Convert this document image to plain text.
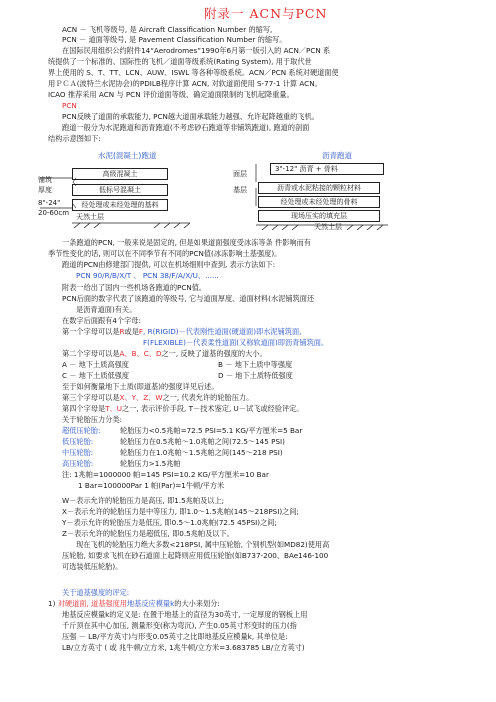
附录一 ACN与PCN
ACN － 飞机等级号, 是 Aircraft Classification Number 的缩写,
PCN － 道面等级号, 是 Pavement Classification Number 的缩写。
在国际民用组织公约附件14“Aerodromes”1990年6月第一版引入的 ACN／PCN 系
统提供了一个标准的、国际性的飞机／道面等级系统(Rating System), 用于取代世
界上使用的 S、T、TT、LCN、AUW、ISWL 等各种等级系统。ACN／PCN 系统对硬道面使
用ＰＣＡ(波特兰水泥协会)的PDILB程序计算 ACN, 对软道面使用 S-77-1 计算 ACN。
ICAO 推荐采用 ACN 与 PCN 评价道面等级、确定道面限制的飞机起降重量。
PCN
PCN反映了道面的承载能力, PCN越大道面承载能力越强、允许起降越重的飞机。
跑道一般分为水泥跑道和沥青跑道(不考虑砂石跑道等非铺筑跑道), 跑道的剖面
结构示意图如下:
水泥(混凝土)跑道	沥青跑道
铺筑
厚度
8"-24"
20-60cm
高级混凝土
低标号混凝土
经处理或未经处理的基料
天然土层
3"-12" 沥青 + 骨料
面层
基层	沥青或水泥粘接的颗粒材料
经处理或未经处理的骨料
现场压实的填充层
天然土层
一条跑道的PCN, 一般来说是固定的, 但是如果道面强度受冰冻等条 件影响而有
季节性变化的话, 则可以在不同季节有不同的PCN值(冰冻影响土基强度)。
跑道的PCN由修建部门提供, 可以在机场细则中查到, 表示方法如下:
PCN 90/R/B/X/T 、 PCN 38/F/A/X/U、......
附表一给出了国内一些机场各跑道的PCN值。
PCN后面的数字代表了该跑道的等级号, 它与道面厚度、道面材料(水泥铺筑面还
是沥青道面)有关。
在数字后面跟有4个字母:
第一个字母可以是R或是F, R(RIGID)－代表刚性道面(硬道面)即水泥铺筑面,
F(FLEXIBLE)－代表柔性道面(又称软道面)即沥青铺筑面。
第二个字母可以是A、B、C、D之一, 反映了道基的强度的大小。
A － 地下土质高强度	B － 地下土质中等强度
C － 地下土质低强度	D － 地下土质特低强度
至于如何衡量地下土质(即道基)的强度详见后述。
第三个字母可以是X、Y、Z、W之一, 代表允许的轮胎压力。
第四个字母是T、U之一, 表示评价手段, T－技术鉴定, U－试飞或经验评定。
关于轮胎压力分类:
超低压轮胎:	轮胎压力<0.5兆帕=72.5 PSI=5.1 KG/平方厘米=5 Bar
低压轮胎:	轮胎压力在0.5兆帕～1.0兆帕之间(72.5～145 PSI)
中压轮胎:	轮胎压力在1.0兆帕～1.5兆帕之间(145～218 PSI)
高压轮胎:	轮胎压力>1.5兆帕
注: 1兆帕=1000000 帕=145 PSI=10.2 KG/平方厘米=10 Bar
1 Bar=100000Par 1 帕(Par)=1牛顿/平方米
W－表示允许的轮胎压力是高压, 即1.5兆帕及以上;
X－表示允许的轮胎压力是中等压力, 即1.0～1.5兆帕(145～218PSI)之间;
Y－表示允许的轮胎压力是低压, 即0.5～1.0兆帕(72.5 45PSI)之间;
Z－表示允许的轮胎压力是超低压, 即0.5兆帕及以下。
现在飞机的轮胎压力绝大多数<218PSI, 属中压轮胎, 个别机型(如MD82)使用高
压轮胎, 如要求飞机在砂石道面上起降则应用低压轮胎(如B737-200、BAe146-100
可选装低压轮胎)。
关于道基强度的评定:
1) 对硬道面, 道基强度用地基反应模量k的大小来划分:
地基反应模量k的定义是: 在置于地基上的直径为30英寸, 一定厚度的钢板上用
千斤顶在其中心加压, 测量形变(称为弯沉), 产生0.05英寸形变时的压力(指
压强 － LB/平方英寸)与形变0.05英寸之比即地基反应模量k, 其单位是:
LB/立方英寸 ( 或 兆牛顿/立方米, 1兆牛顿/立方米=3.683785 LB/立方英寸)
